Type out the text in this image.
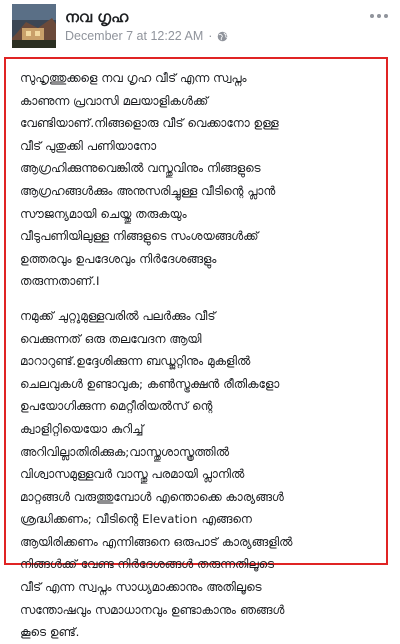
നവ ഗൃഹ
December 7 at 12:22 AM ·

സുഹൃത്തുക്കളെ നവ ഗൃഹ വീട് എന്ന സ്വപ്നം
കാണുന്ന പ്രവാസി മലയാളികൾക്ക്
വേണ്ടിയാണ്.നിങ്ങളൊരു വീട് വെക്കാനോ ഉള്ള
വീട് പുതുക്കി പണിയാനോ
ആഗ്രഹിക്കുന്നുവെങ്കിൽ വസ്തുവിനും നിങ്ങളുടെ
ആഗ്രഹങ്ങൾക്കും അനുസരിച്ചുള്ള വീടിന്റെ പ്ലാൻ
സൗജന്യമായി ചെയ്തു തരുകയും
വീടുപണിയിലുള്ള നിങ്ങളുടെ സംശയങ്ങൾക്ക്
ഉത്തരവും ഉപദേശവും നിർദേശങ്ങളും
തരുന്നതാണ്.I

നമുക്ക് ചുറ്റുമുള്ളവരിൽ പലർക്കും വീട്
വെക്കുന്നത് ഒരു തലവേദന ആയി
മാറാറുണ്ട്.ഉദ്ദേശിക്കുന്ന ബഡ്ജറ്റിനും മുകളിൽ
ചെലവുകൾ ഉണ്ടാവുക; കൺസ്ട്രക്ഷൻ രീതികളോ
ഉപയോഗിക്കുന്ന മെറ്റീരിയൽസ് ന്റെ
ക്വാളിറ്റിയെയോ കുറിച്ച്
അറിവില്ലാതിരിക്കുക;വാസ്തുശാസ്ത്രത്തിൽ
വിശ്വാസമുള്ളവർ വാസ്തു പരമായി പ്ലാനിൽ
മാറ്റങ്ങൾ വരുത്തുമ്പോൾ എന്തൊക്കെ കാര്യങ്ങൾ
ശ്രദ്ധിക്കണം; വീടിന്റെ Elevation എങ്ങനെ
ആയിരിക്കണം എന്നിങ്ങനെ ഒരുപാട് കാര്യങ്ങളിൽ
നിങ്ങൾക്ക് വേണ്ട നിർദേശങ്ങൾ തരുന്നതിലൂടെ
വീട് എന്ന സ്വപ്നം സാധ്യമാക്കാനും അതിലൂടെ
സന്തോഷവും സമാധാനവും ഉണ്ടാകാനും ഞങ്ങൾ
കൂടെ ഉണ്ട്.
